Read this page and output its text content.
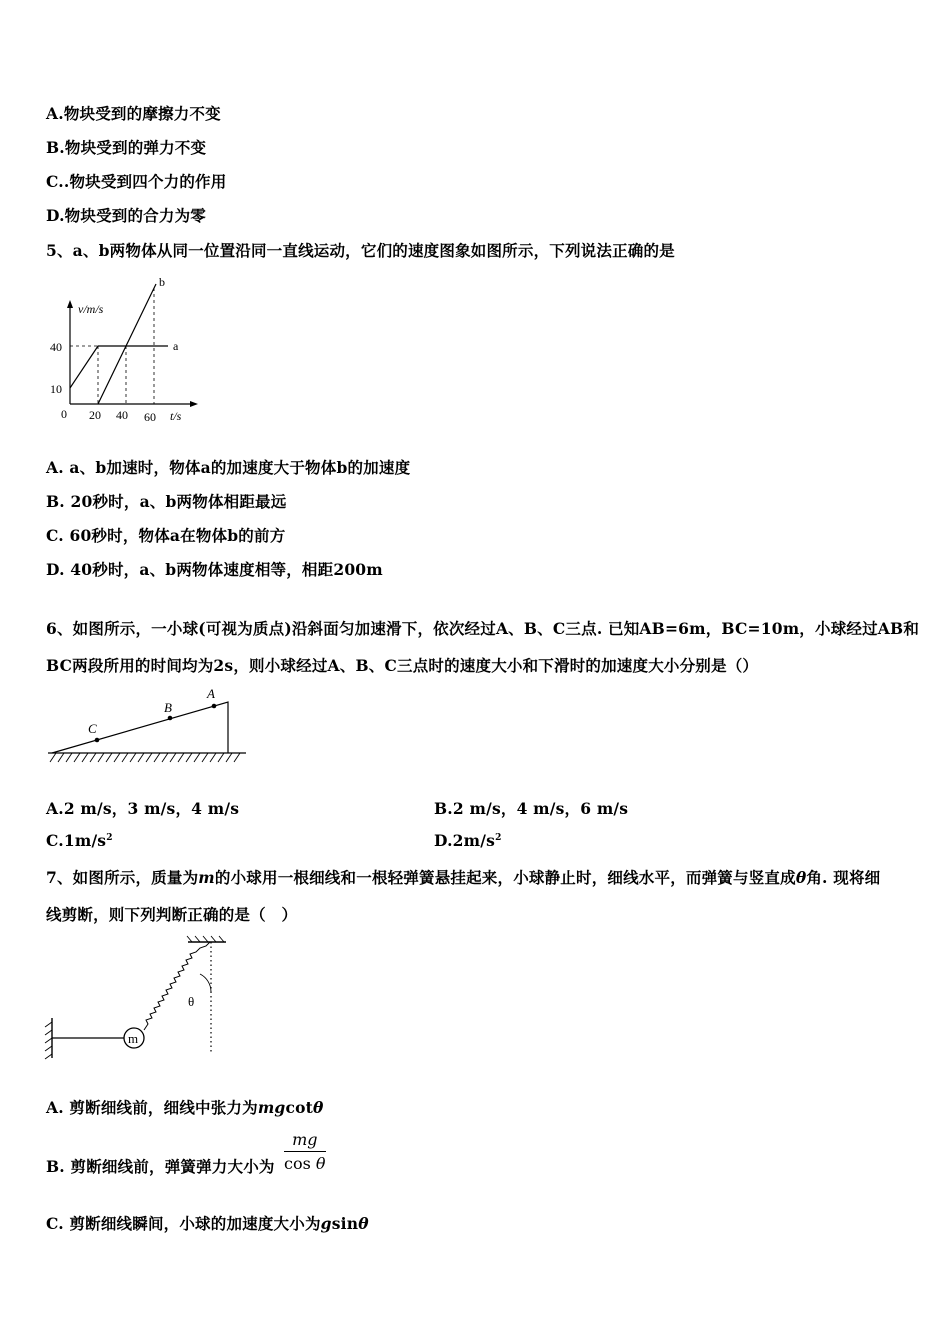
A.物块受到的摩擦力不变
B.物块受到的弹力不变
C..物块受到四个力的作用
D.物块受到的合力为零
5、a、b两物体从同一位置沿同一直线运动，它们的速度图象如图所示，下列说法正确的是
v/m/s
t/s
0
40
10
20 40 60
a
b
A. a、b加速时，物体a的加速度大于物体b的加速度
B. 20秒时，a、b两物体相距最远
C. 60秒时，物体a在物体b的前方
D. 40秒时，a、b两物体速度相等，相距200m
6、如图所示，一小球(可视为质点)沿斜面匀加速滑下，依次经过A、B、C三点. 已知AB=6m，BC=10m，小球经过AB和
BC两段所用的时间均为2s，则小球经过A、B、C三点时的速度大小和下滑时的加速度大小分别是（）
A
B
C
A.2 m/s，3 m/s，4 m/s	B.2 m/s，4 m/s，6 m/s
$C.1m/s^2$	$D.2m/s^2$
7、如图所示，质量为m的小球用一根细线和一根轻弹簧悬挂起来，小球静止时，细线水平，而弹簧与竖直成θ角. 现将细
线剪断，则下列判断正确的是（　）
θ
m
A. 剪断细线前，细线中张力为mgcotθ
B. 剪断细线前，弹簧弹力大小为 $\frac{mg}{\text{cos θ}}$
C. 剪断细线瞬间，小球的加速度大小为gsinθ
